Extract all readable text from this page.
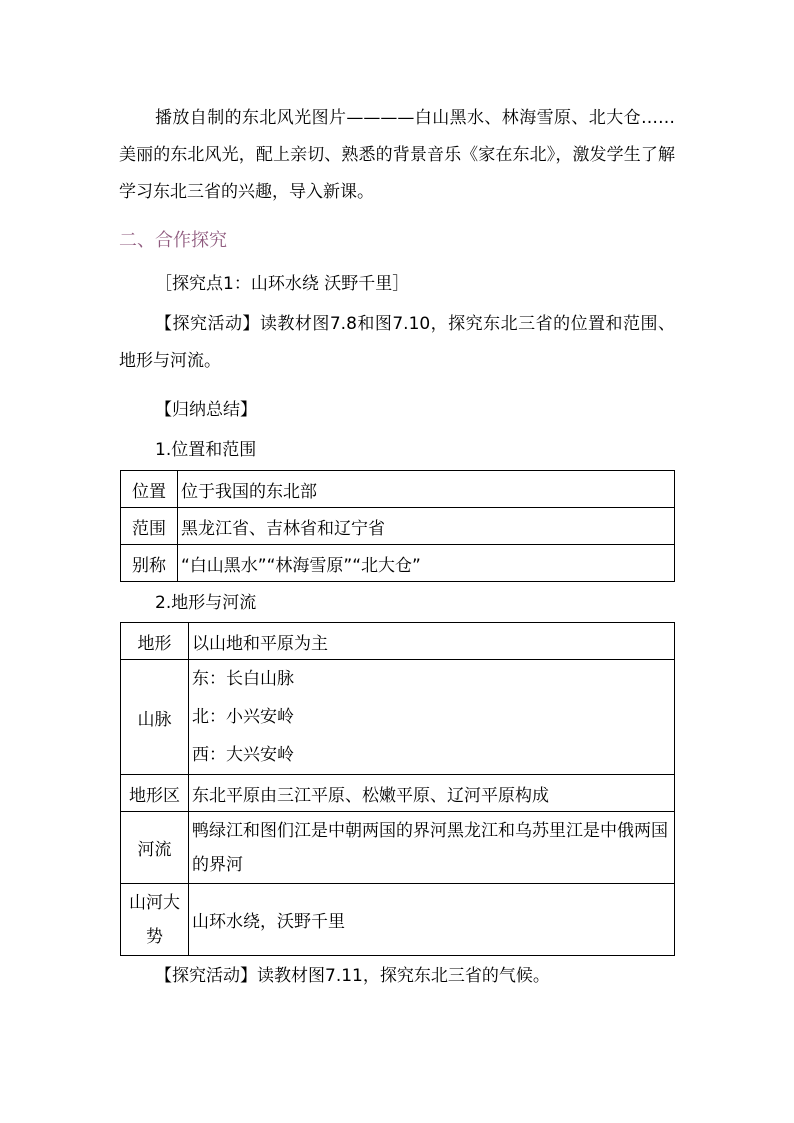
播放自制的东北风光图片————白山黑水、林海雪原、北大仓……美丽的东北风光，配上亲切、熟悉的背景音乐《家在东北》，激发学生了解学习东北三省的兴趣，导入新课。
二、合作探究
［探究点1：山环水绕 沃野千里］
【探究活动】读教材图7.8和图7.10，探究东北三省的位置和范围、地形与河流。
【归纳总结】
1.位置和范围
位置	位于我国的东北部
范围	黑龙江省、吉林省和辽宁省
别称	“白山黑水”“林海雪原”“北大仓”
2.地形与河流
地形	以山地和平原为主
山脉	东：长白山脉
北：小兴安岭
西：大兴安岭

地形区	东北平原由三江平原、松嫩平原、辽河平原构成
河流	鸭绿江和图们江是中朝两国的界河黑龙江和乌苏里江是中俄两国的界河
山河大势	山环水绕，沃野千里
【探究活动】读教材图7.11，探究东北三省的气候。
